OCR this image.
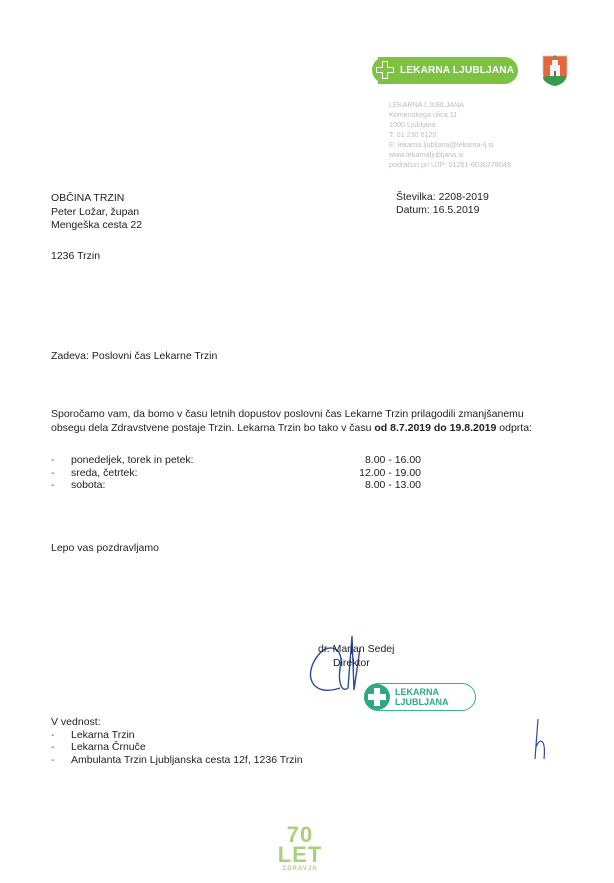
LEKARNA LJUBLJANA
LEKARNA LJUBLJANA
Komenskega ulica 11
1000 Ljubljana
T: 01 230 6120
E: lekarna.ljubljana@lekarna-lj.si
www.lekarnaljubljana.si
podračun pri UJP: 01261-6030278049
Številka: 2208-2019
Datum: 16.5.2019
OBČINA TRZIN
Peter Ložar, župan
Mengeška cesta 22
1236 Trzin
Zadeva: Poslovni čas Lekarne Trzin
Sporočamo vam, da bomo v času letnih dopustov poslovni čas Lekarne Trzin prilagodili zmanjšanemu
obsegu dela Zdravstvene postaje Trzin. Lekarna Trzin bo tako v času od 8.7.2019 do 19.8.2019 odprta:
-	ponedeljek, torek in petek:	8.00 - 16.00
-	sreda, četrtek:	12.00 - 19.00
-	sobota:	8.00 - 13.00
Lepo vas pozdravljamo
dr. Marjan Sedej
Direktor
LEKARNA LJUBLJANA
V vednost:
-	Lekarna Trzin
-	Lekarna Črnuče
-	Ambulanta Trzin Ljubljanska cesta 12f, 1236 Trzin
70
LET
ZDRAVJA
